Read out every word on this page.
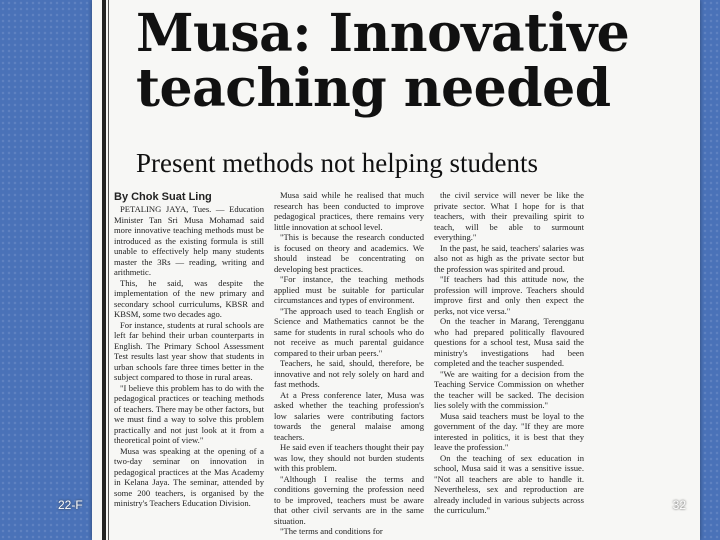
Musa: Innovative teaching needed
Present methods not helping students

By Chok Suat Ling

PETALING JAYA, Tues. — Education Minister Tan Sri Musa Mohamad said more innovative teaching methods must be introduced as the existing formula is still unable to effectively help many students master the 3Rs — reading, writing and arithmetic.

This, he said, was despite the implementation of the new primary and secondary school curriculums, KBSR and KBSM, some two decades ago.

For instance, students at rural schools are left far behind their urban counterparts in English. The Primary School Assessment Test results last year show that students in urban schools fare three times better in the subject compared to those in rural areas.

"I believe this problem has to do with the pedagogical practices or teaching methods of teachers. There may be other factors, but we must find a way to solve this problem practically and not just look at it from a theoretical point of view."

Musa was speaking at the opening of a two-day seminar on innovation in pedagogical practices at the Mas Academy in Kelana Jaya. The seminar, attended by some 200 teachers, is organised by the ministry's Teachers Education Division.

Musa said while he realised that much research has been conducted to improve pedagogical practices, there remains very little innovation at school level.

"This is because the research conducted is focused on theory and academics. We should instead be concentrating on developing best practices.

"For instance, the teaching methods applied must be suitable for particular circumstances and types of environment.

"The approach used to teach English or Science and Mathematics cannot be the same for students in rural schools who do not receive as much parental guidance compared to their urban peers."

Teachers, he said, should, therefore, be innovative and not rely solely on hard and fast methods.

At a Press conference later, Musa was asked whether the teaching profession's low salaries were contributing factors towards the general malaise among teachers.

He said even if teachers thought their pay was low, they should not burden students with this problem.

"Although I realise the terms and conditions governing the profession need to be improved, teachers must be aware that other civil servants are in the same situation.

"The terms and conditions for

the civil service will never be like the private sector. What I hope for is that teachers, with their prevailing spirit to teach, will be able to surmount everything."

In the past, he said, teachers' salaries was also not as high as the private sector but the profession was spirited and proud.

"If teachers had this attitude now, the profession will improve. Teachers should improve first and only then expect the perks, not vice versa."

On the teacher in Marang, Terengganu who had prepared politically flavoured questions for a school test, Musa said the ministry's investigations had been completed and the teacher suspended.

"We are waiting for a decision from the Teaching Service Commission on whether the teacher will be sacked. The decision lies solely with the commission."

Musa said teachers must be loyal to the government of the day. "If they are more interested in politics, it is best that they leave the profession."

On the teaching of sex education in school, Musa said it was a sensitive issue. "Not all teachers are able to handle it. Nevertheless, sex and reproduction are already included in various subjects across the curriculum."

22-F	32
